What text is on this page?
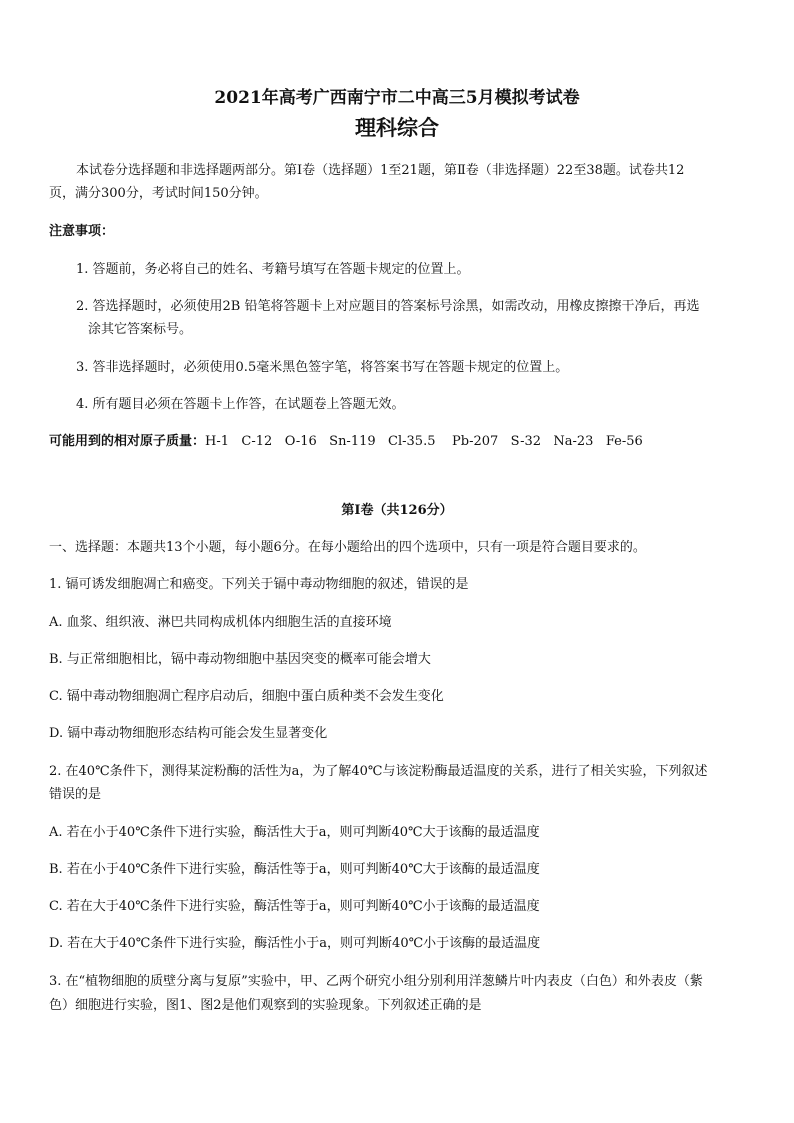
2021年高考广西南宁市二中高三5月模拟考试卷
理科综合
本试卷分选择题和非选择题两部分。第Ⅰ卷（选择题）1至21题，第Ⅱ卷（非选择题）22至38题。试卷共12
页，满分300分，考试时间150分钟。
注意事项：
1. 答题前，务必将自己的姓名、考籍号填写在答题卡规定的位置上。
2. 答选择题时，必须使用2B 铅笔将答题卡上对应题目的答案标号涂黑，如需改动，用橡皮擦擦干净后，再选
涂其它答案标号。
3. 答非选择题时，必须使用0.5毫米黑色签字笔，将答案书写在答题卡规定的位置上。
4. 所有题目必须在答题卡上作答，在试题卷上答题无效。
可能用到的相对原子质量：H-1   C-12   O-16   Sn-119   Cl-35.5    Pb-207   S-32   Na-23   Fe-56
第Ⅰ卷（共126分）
一、选择题：本题共13个小题，每小题6分。在每小题给出的四个选项中，只有一项是符合题目要求的。
1. 镉可诱发细胞凋亡和癌变。下列关于镉中毒动物细胞的叙述，错误的是
A. 血浆、组织液、淋巴共同构成机体内细胞生活的直接环境
B. 与正常细胞相比，镉中毒动物细胞中基因突变的概率可能会增大
C. 镉中毒动物细胞凋亡程序启动后，细胞中蛋白质种类不会发生变化
D. 镉中毒动物细胞形态结构可能会发生显著变化
2. 在40℃条件下，测得某淀粉酶的活性为a，为了解40℃与该淀粉酶最适温度的关系，进行了相关实验，下列叙述
错误的是
A. 若在小于40℃条件下进行实验，酶活性大于a，则可判断40℃大于该酶的最适温度
B. 若在小于40℃条件下进行实验，酶活性等于a，则可判断40℃大于该酶的最适温度
C. 若在大于40℃条件下进行实验，酶活性等于a，则可判断40℃小于该酶的最适温度
D. 若在大于40℃条件下进行实验，酶活性小于a，则可判断40℃小于该酶的最适温度
3. 在“植物细胞的质壁分离与复原”实验中，甲、乙两个研究小组分别利用洋葱鳞片叶内表皮（白色）和外表皮（紫
色）细胞进行实验，图1、图2是他们观察到的实验现象。下列叙述正确的是
